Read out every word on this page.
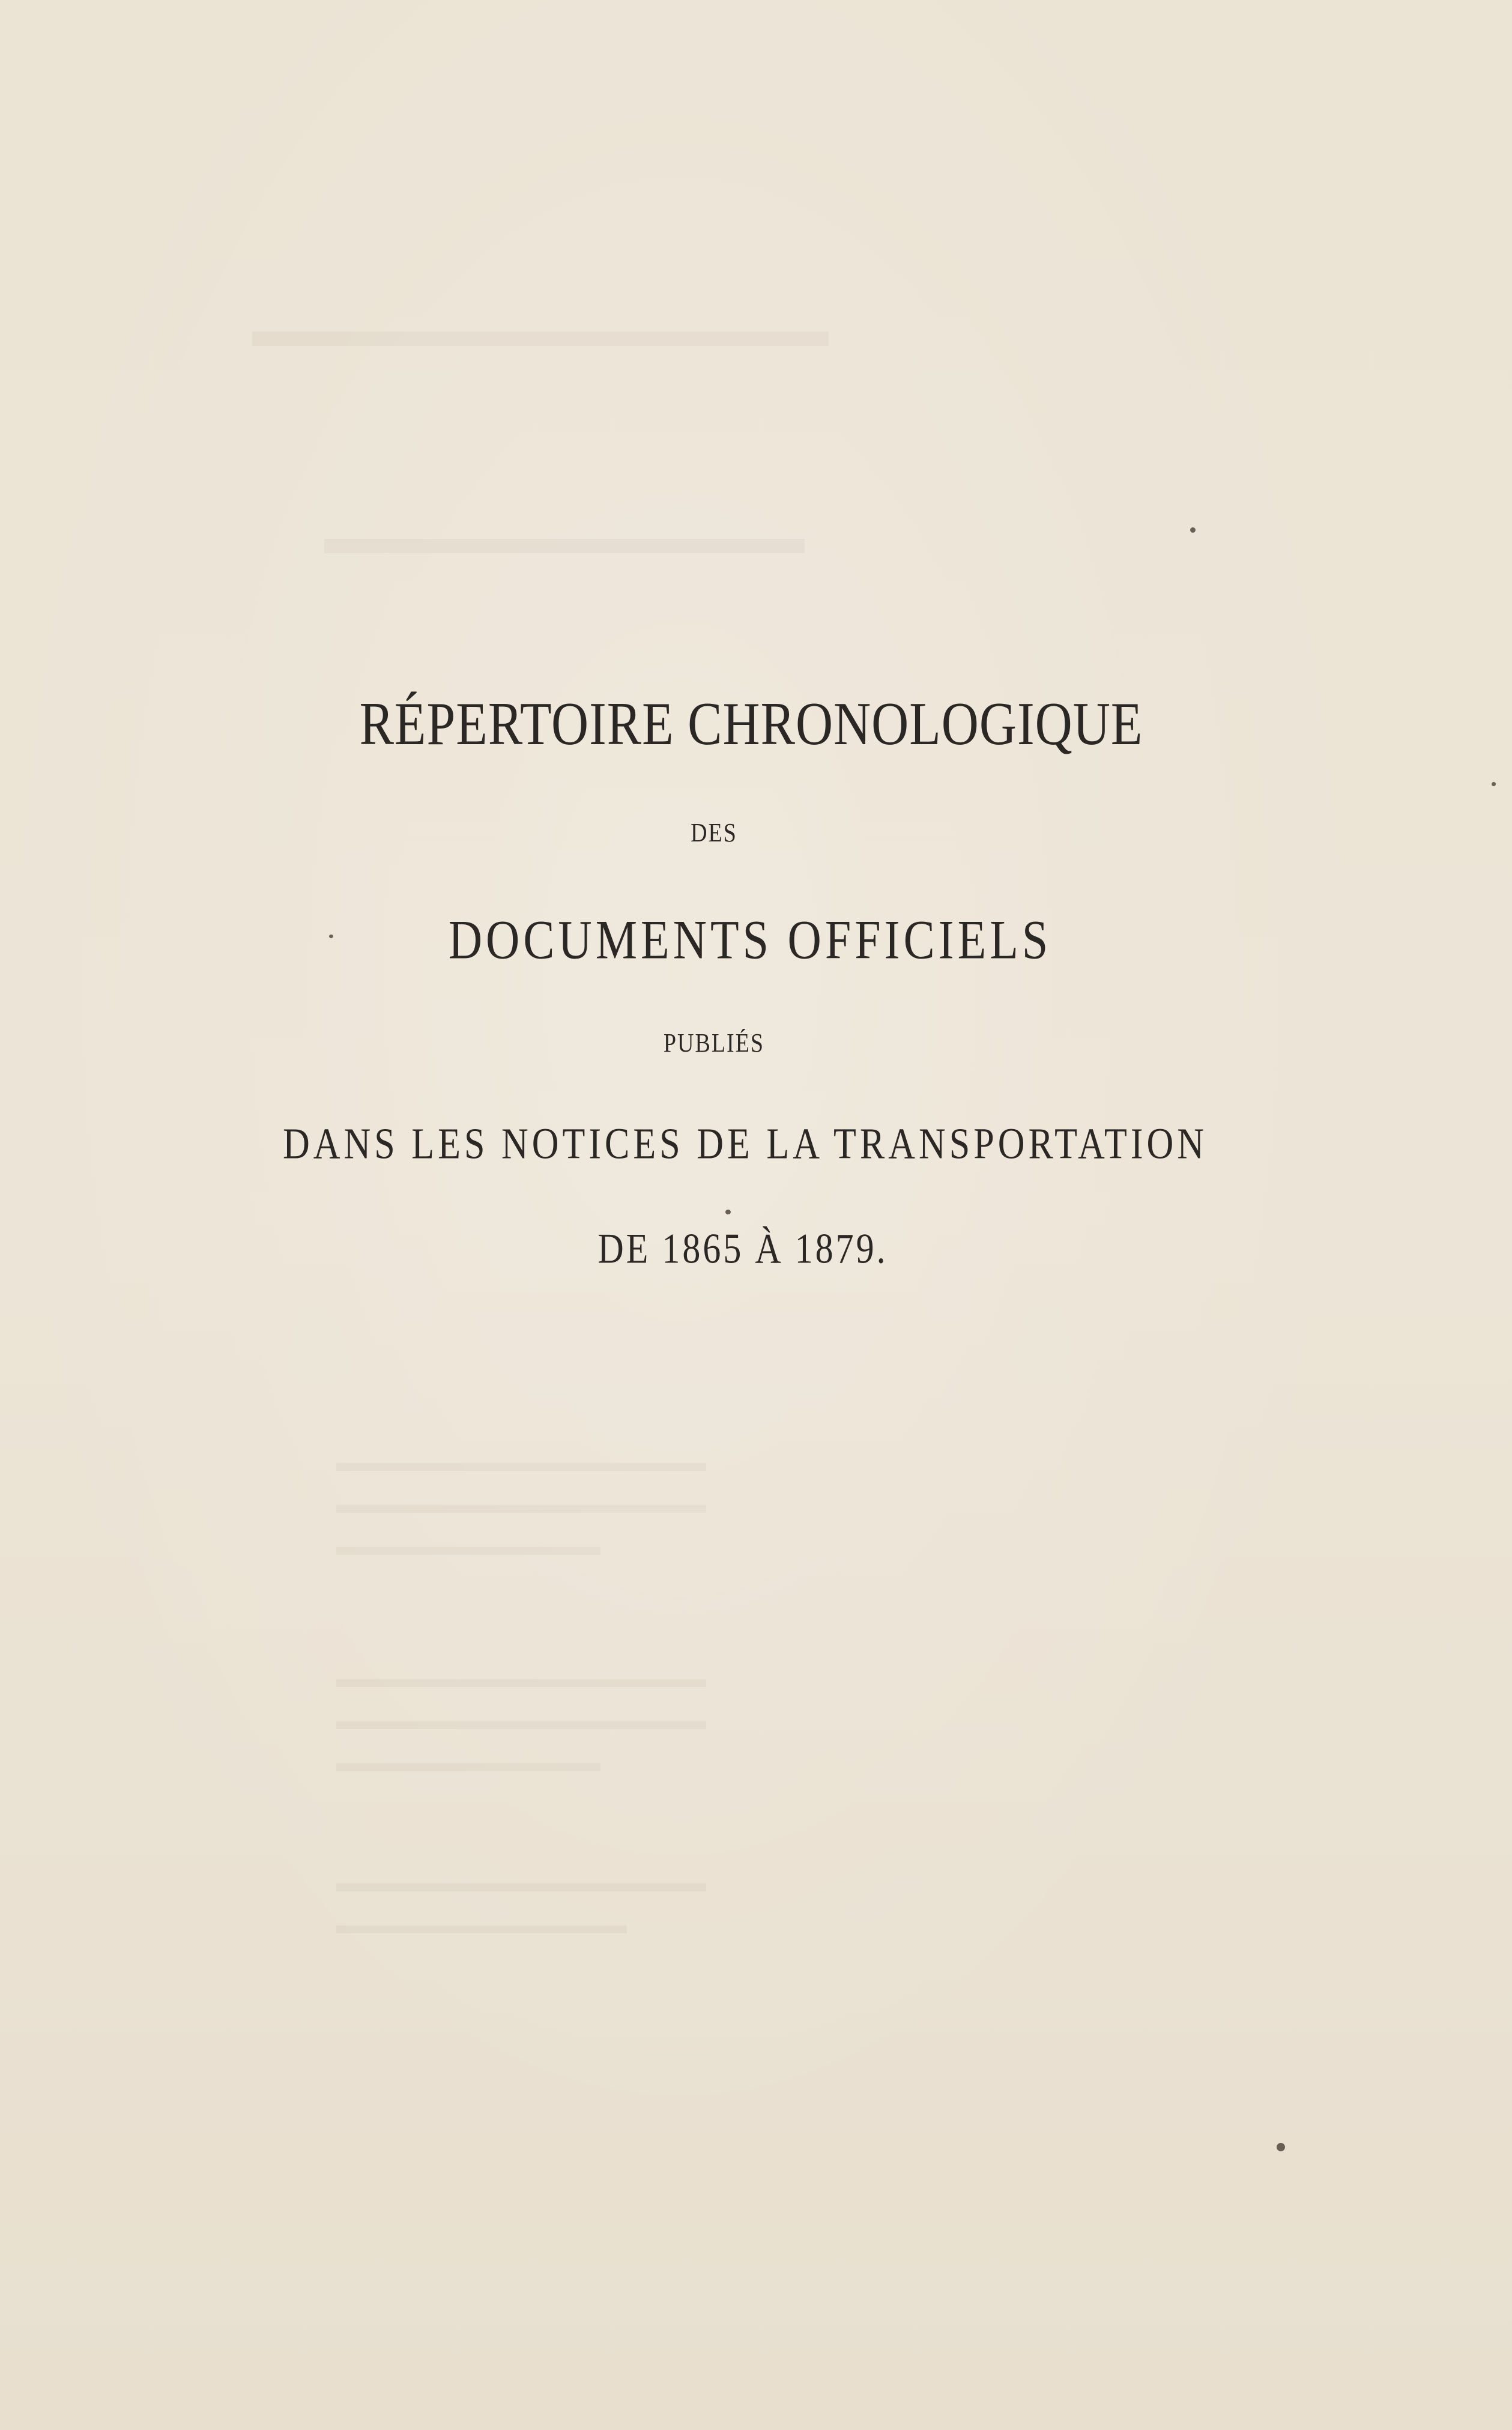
▬▬▬▬▬▬▬▬▬▬▬▬
▬▬▬▬▬▬▬▬▬▬
▬▬▬▬▬▬▬▬▬▬▬▬▬▬
▬▬▬▬▬▬▬▬▬▬▬▬▬▬
▬▬▬▬▬▬▬▬▬▬
▬▬▬▬▬▬▬▬▬▬▬▬▬▬
▬▬▬▬▬▬▬▬▬▬▬▬▬▬
▬▬▬▬▬▬▬▬▬▬
▬▬▬▬▬▬▬▬▬▬▬▬▬▬
▬▬▬▬▬▬▬▬▬▬▬
RÉPERTOIRE CHRONOLOGIQUE
DES
DOCUMENTS OFFICIELS
PUBLIÉS
DANS LES NOTICES DE LA TRANSPORTATION
DE 1865 À 1879.
